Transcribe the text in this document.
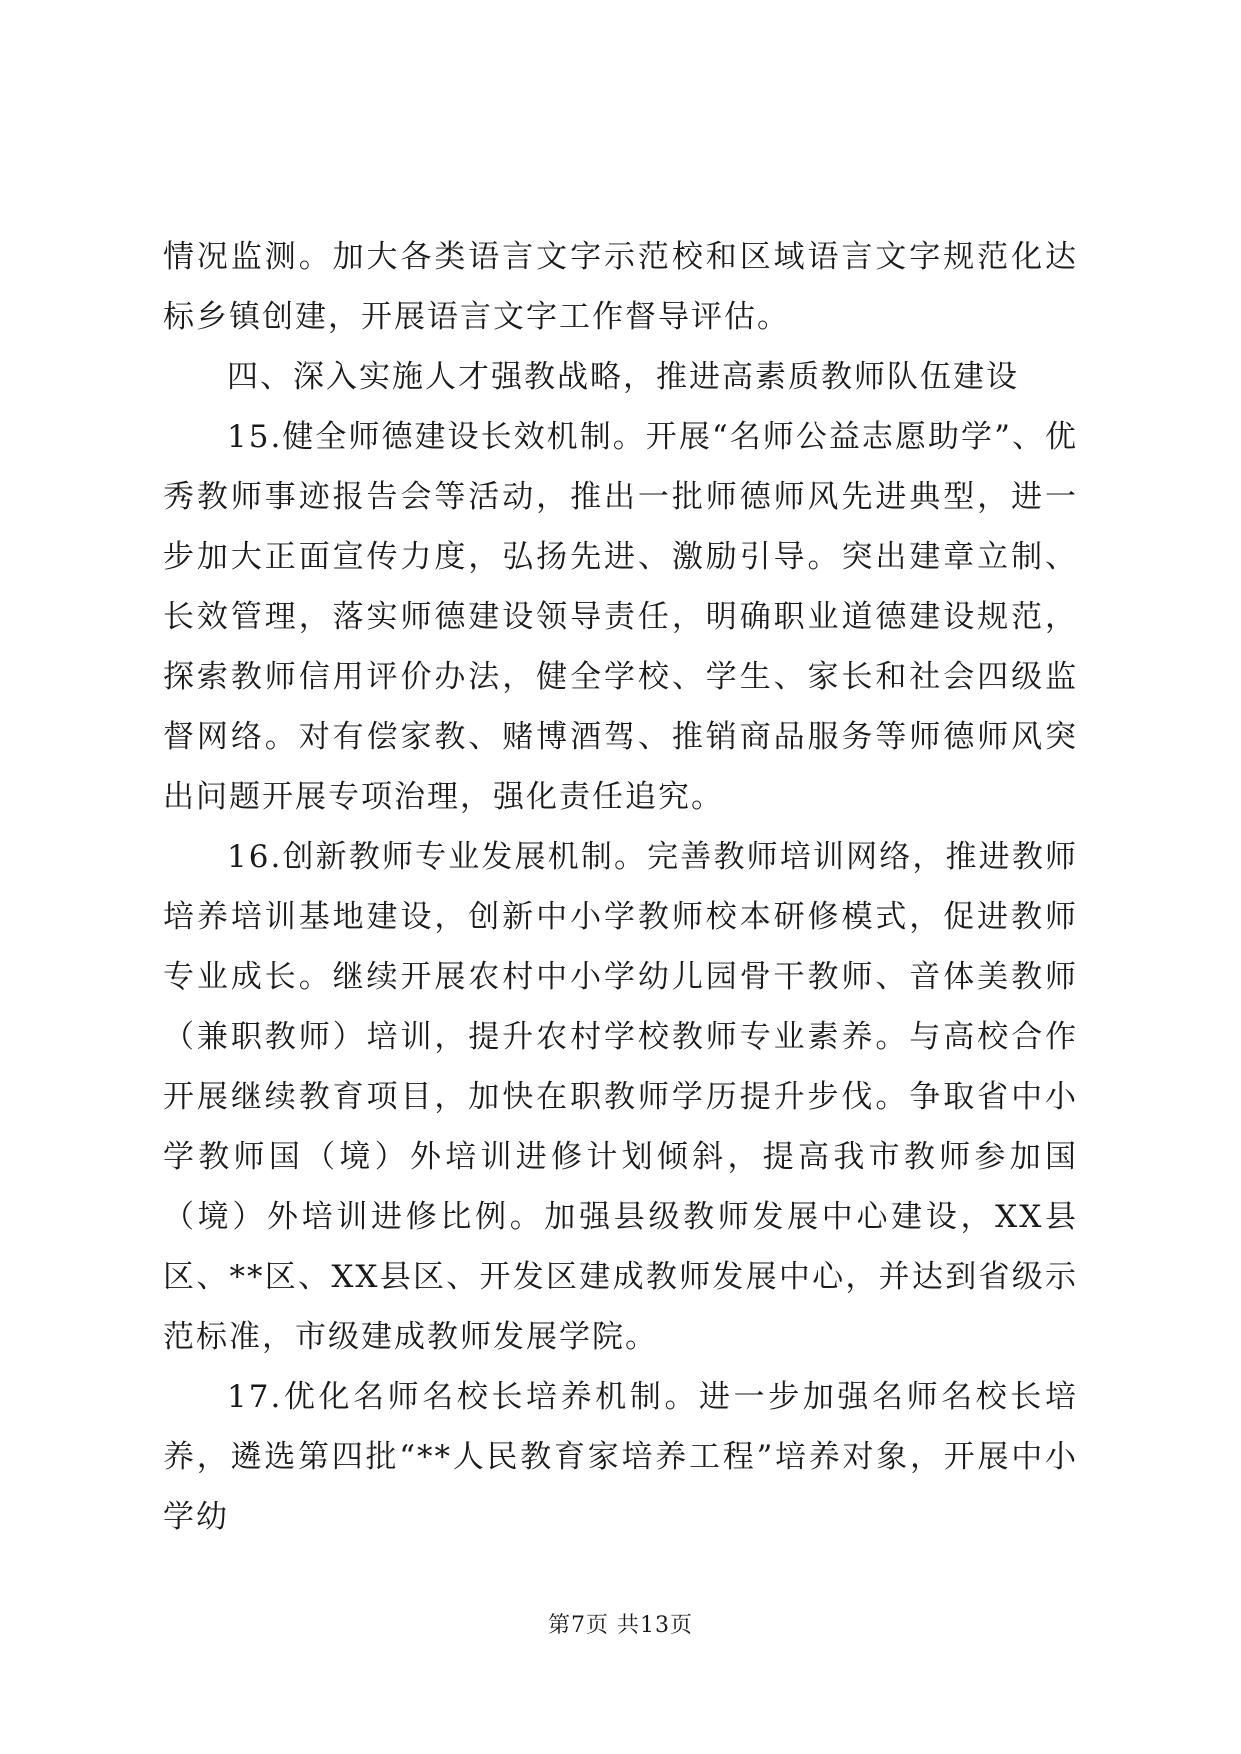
情况监测。加大各类语言文字示范校和区域语言文字规范化达标乡镇创建，开展语言文字工作督导评估。

四、深入实施人才强教战略，推进高素质教师队伍建设

15.健全师德建设长效机制。开展“名师公益志愿助学”、优秀教师事迹报告会等活动，推出一批师德师风先进典型，进一步加大正面宣传力度，弘扬先进、激励引导。突出建章立制、长效管理，落实师德建设领导责任，明确职业道德建设规范，探索教师信用评价办法，健全学校、学生、家长和社会四级监督网络。对有偿家教、赌博酒驾、推销商品服务等师德师风突出问题开展专项治理，强化责任追究。

16.创新教师专业发展机制。完善教师培训网络，推进教师培养培训基地建设，创新中小学教师校本研修模式，促进教师专业成长。继续开展农村中小学幼儿园骨干教师、音体美教师（兼职教师）培训，提升农村学校教师专业素养。与高校合作开展继续教育项目，加快在职教师学历提升步伐。争取省中小学教师国（境）外培训进修计划倾斜，提高我市教师参加国（境）外培训进修比例。加强县级教师发展中心建设，XX县区、**区、XX县区、开发区建成教师发展中心，并达到省级示范标准，市级建成教师发展学院。

17.优化名师名校长培养机制。进一步加强名师名校长培养，遴选第四批“**人民教育家培养工程”培养对象，开展中小学幼

第7页 共13页
